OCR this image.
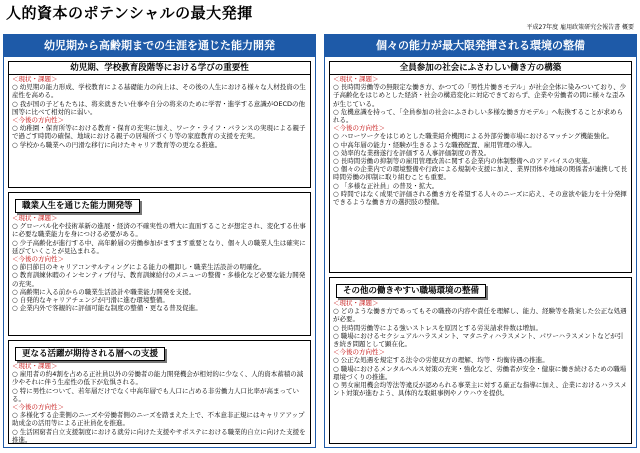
人的資本のポテンシャルの最大発揮
平成27年度 雇用政策研究会報告書 概要
幼児期から高齢期までの生涯を通じた能力開発
幼児期、学校教育段階等における学びの重要性
＜現状・課題＞
○ 幼児期の能力形成、学校教育による基礎能力の向上は、その後の人生における様々な人材投資の生産性を高める。
○ 我が国の子どもたちは、将来就きたい仕事や自分の将来のために学習・進学する意識がOECDの他国等に比べて相対的に弱い。
＜今後の方向性＞
○ 幼稚園・保育所等における教育・保育の充実に加え、ワーク・ライフ・バランスの実現による親子で過ごす時間の確保、地域における親子の居場所づくり等の家庭教育の支援を充実。
○ 学校から職業への円滑な移行に向けたキャリア教育等の更なる推進。
職業人生を通じた能力開発等
＜現状・課題＞
○ グローバル化や技術革新の進展・経済の不確実性の増大に直面することが想定され、変化する仕事に必要な職業能力を身につける必要がある。
○ 少子高齢化が進行する中、高年齢層の労働参加がますます重要となり、個々人の職業人生は確実に延びていくことが見込まれる。
＜今後の方向性＞
○ 節目節目のキャリアコンサルティングによる能力の棚卸し・職業生活設計の明確化。
○ 教育訓練休暇のインセンティブ付与、教育訓練給付のメニューの整備・多様化など必要な能力開発の充実。
○ 高齢期に入る前からの職業生活設計や職業能力開発を支援。
○ 自発的なキャリアチェンジが円滑に進む環境整備。
○ 企業内外で客観的に評価可能な制度の整備・更なる普及促進。
更なる活躍が期待される層への支援
＜現状・課題＞
○ 雇用者の約4割を占める正社員以外の労働者の能力開発機会が相対的に少なく、人的資本蓄積の減少やそれに伴う生産性の低下が危惧される。
○ 特に男性について、若年層だけでなく中高年層でも人口に占める非労働力人口比率が高まっている。
＜今後の方向性＞
○ 多様化する企業側のニーズや労働者側のニーズを踏まえた上で、不本意非正規にはキャリアアップ助成金の活用等による正社員化を推進。
○ 生活困窮者自立支援制度における就労に向けた支援やサポステにおける職業的自立に向けた支援を推進。
個々の能力が最大限発揮される環境の整備
全員参加の社会にふさわしい働き方の構築
＜現状・課題＞
○ 長時間労働等の無限定な働き方、かつての「男性片働きモデル」が社会全体に染みついており、少子高齢化をはじめとした経済・社会の構造変化に対応できておらず、企業や労働者の間に様々な歪みが生じている。
○ 危機意識を持って、「全員参加の社会にふさわしい多様な働き方モデル」へ転換することが求められる。
＜今後の方向性＞
○ ハローワークをはじめとした職業紹介機関による外部労働市場におけるマッチング機能強化。
○ 中高年層の能力・経験が生きるような職務配置、雇用管理の導入。
○ 効率的な業務遂行を評価する人事評価制度の普及。
○ 長時間労働の抑制等の雇用管理改善に関する企業内の体制整備へのアドバイスの実施。
○ 個々の企業内での環境整備や行政による規制や支援に加え、業界団体や地域の関係者が連携して長時間労働の抑制に取り組むことも重要。
○ 「多様な正社員」の普及・拡大。
○ 時間ではなく成果で評価される働き方を希望する人々のニーズに応え、その意欲や能力を十分発揮できるような働き方の選択肢の整備。
その他の働きやすい職場環境の整備
＜現状・課題＞
○ どのような働き方であってもその職務の内容や責任を理解し、能力、経験等を勘案した公正な処遇が必要。
○ 長時間労働等による強いストレスを原因とする労災請求件数は増加。
○ 職場におけるセクシュアルハラスメント、マタニティハラスメント、パワーハラスメントなどが引き続き問題として顕在化。
＜今後の方向性＞
○ 公正な処遇を規定する法令の労使双方の理解、均等・均衡待遇の推進。
○ 職場におけるメンタルヘルス対策の充実・強化など、労働者が安全・健康に働き続けるための職場環境づくりの推進。
○ 男女雇用機会均等法等違反が認められる事業主に対する厳正な指導に加え、企業におけるハラスメント対策が進むよう、具体的な取組事例やノウハウを提供。
